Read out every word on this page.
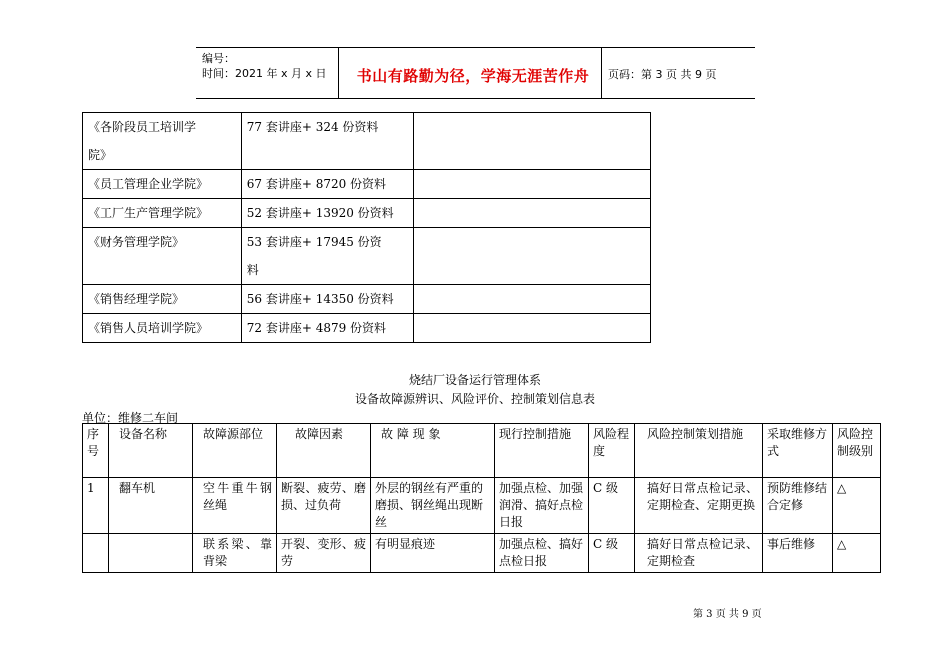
编号：
时间：2021 年 x 月 x 日	书山有路勤为径，学海无涯苦作舟	页码：第 3 页 共 9 页
《各阶段员工培训学
院》	77 套讲座+ 324 份资料	
《员工管理企业学院》	67 套讲座+ 8720 份资料	
《工厂生产管理学院》	52 套讲座+ 13920 份资料	
《财务管理学院》	53 套讲座+ 17945 份资
料	
《销售经理学院》	56 套讲座+ 14350 份资料	
《销售人员培训学院》	72 套讲座+ 4879 份资料	
烧结厂设备运行管理体系
设备故障源辨识、风险评价、控制策划信息表
单位：维修二车间
序号	设备名称	故障源部位	故障因素	故 障 现 象	现行控制措施	风险程度	风险控制策划措施	采取维修方式	风险控制级别
1	翻车机	空牛重牛钢丝绳	断裂、疲劳、磨损、过负荷	外层的钢丝有严重的磨损、钢丝绳出现断丝	加强点检、加强润滑、搞好点检日报	C 级	搞好日常点检记录、定期检查、定期更换	预防维修结合定修	△
		联系梁、靠背梁	开裂、变形、疲劳	有明显痕迹	加强点检、搞好点检日报	C 级	搞好日常点检记录、定期检查	事后维修	△
第 3 页 共 9 页
